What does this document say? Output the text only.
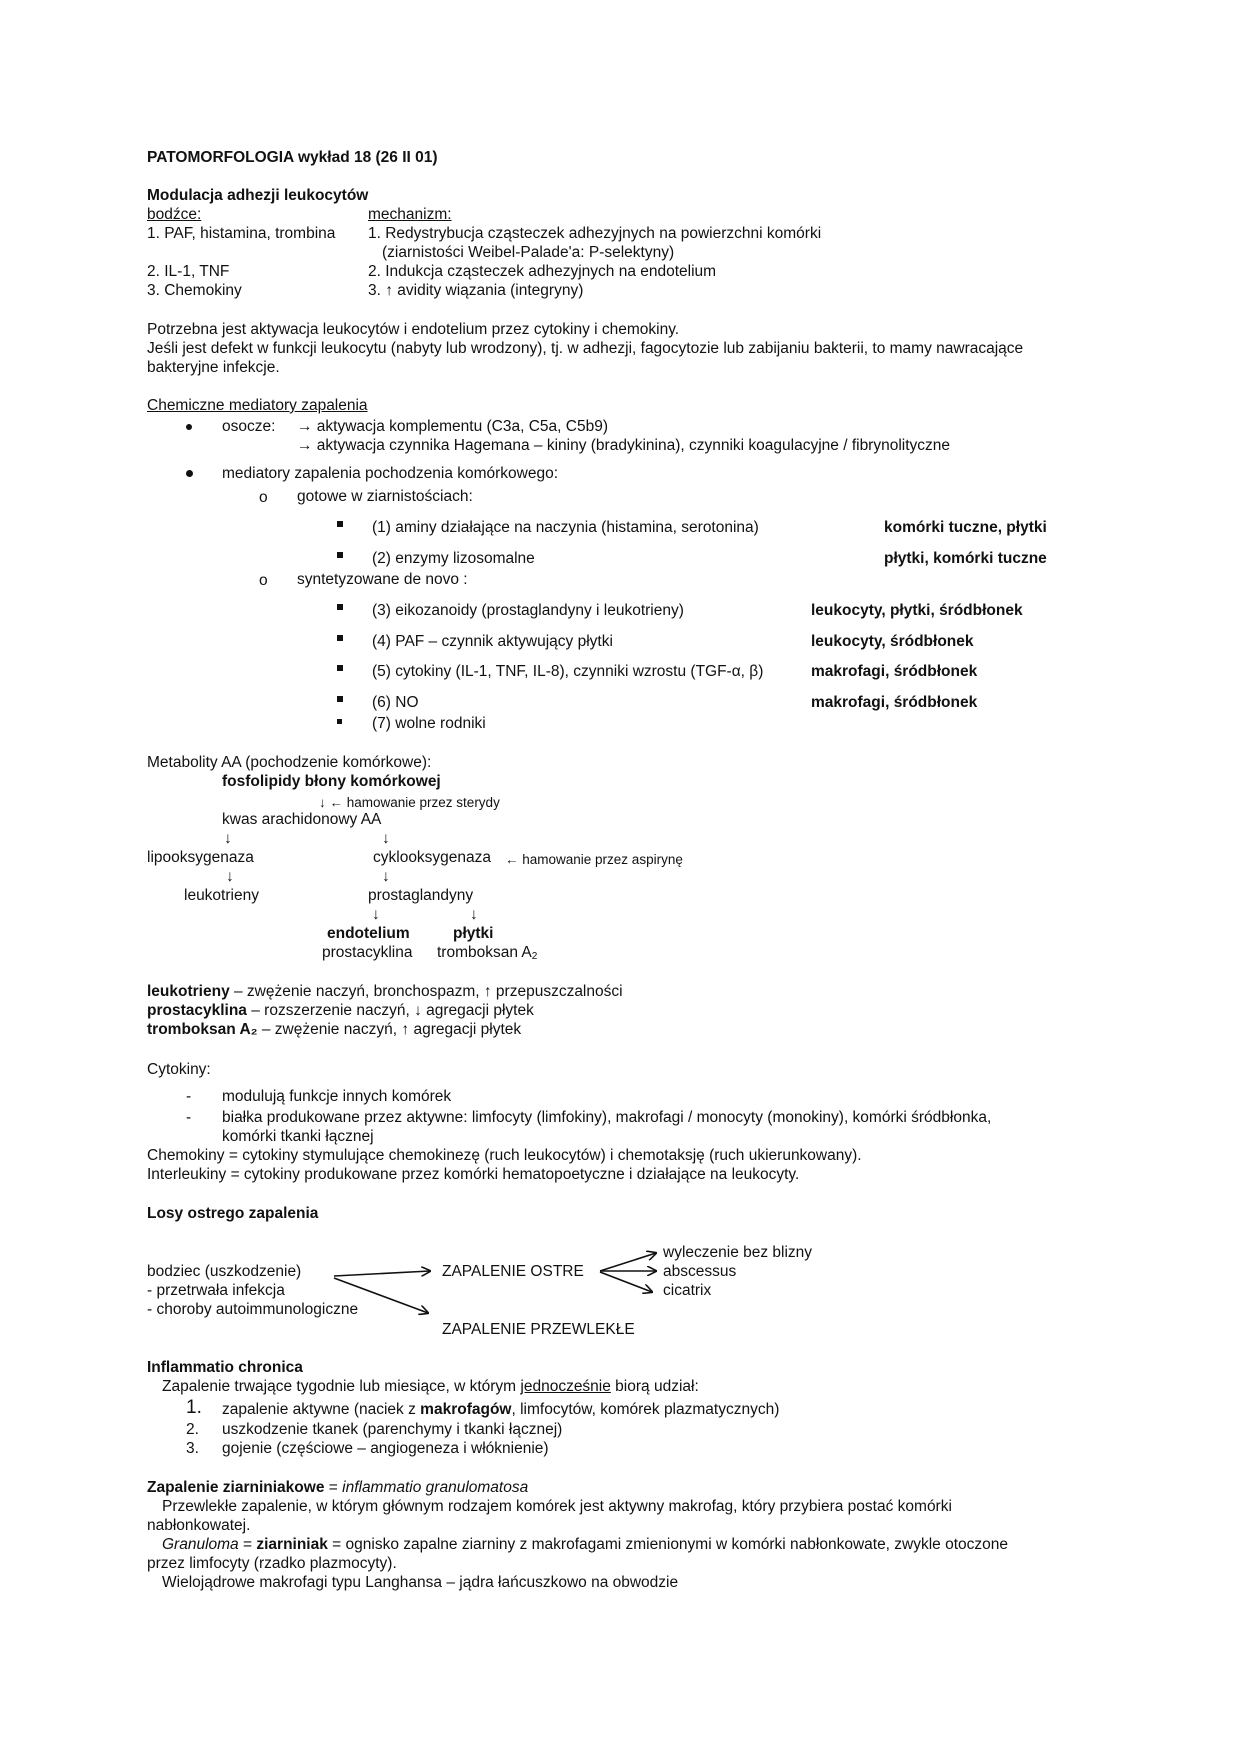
PATOMORFOLOGIA wykład 18 (26 II 01)
Modulacja adhezji leukocytów
bodźce:	mechanizm:
1. PAF, histamina, trombina 1. Redystrybucja cząsteczek adhezyjnych na powierzchni komórki
(ziarnistości Weibel-Palade'a: P-selektyny)
2. IL-1, TNF	2. Indukcja cząsteczek adhezyjnych na endotelium
3. Chemokiny	3. ↑ avidity wiązania (integryny)
Potrzebna jest aktywacja leukocytów i endotelium przez cytokiny i chemokiny.
Jeśli jest defekt w funkcji leukocytu (nabyty lub wrodzony), tj. w adhezji, fagocytozie lub zabijaniu bakterii, to mamy nawracające
bakteryjne infekcje.
Chemiczne mediatory zapalenia
osocze: → aktywacja komplementu (C3a, C5a, C5b9)
→ aktywacja czynnika Hagemana – kininy (bradykinina), czynniki koagulacyjne / fibrynolityczne
mediatory zapalenia pochodzenia komórkowego:
o gotowe w ziarnistościach:
(1) aminy działające na naczynia (histamina, serotonina)	komórki tuczne, płytki
(2) enzymy lizosomalne	płytki, komórki tuczne
o syntetyzowane de novo :
(3) eikozanoidy (prostaglandyny i leukotrieny)	leukocyty, płytki, śródbłonek
(4) PAF – czynnik aktywujący płytki	leukocyty, śródbłonek
(5) cytokiny (IL-1, TNF, IL-8), czynniki wzrostu (TGF-α, β)	makrofagi, śródbłonek
(6) NO	makrofagi, śródbłonek
(7) wolne rodniki
Metabolity AA (pochodzenie komórkowe):
fosfolipidy błony komórkowej
↓ ← hamowanie przez sterydy
kwas arachidonowy AA
↓	↓
lipooksygenaza	cyklooksygenaza ← hamowanie przez aspirynę
↓	↓
leukotrieny	prostaglandyny
↓	↓
endotelium	płytki
prostacyklina tromboksan $A_2$
leukotrieny – zwężenie naczyń, bronchospazm, ↑ przepuszczalności
prostacyklina – rozszerzenie naczyń, ↓ agregacji płytek
tromboksan A₂ – zwężenie naczyń, ↑ agregacji płytek
Cytokiny:
- modulują funkcje innych komórek
- białka produkowane przez aktywne: limfocyty (limfokiny), makrofagi / monocyty (monokiny), komórki śródbłonka,
komórki tkanki łącznej
Chemokiny = cytokiny stymulujące chemokinezę (ruch leukocytów) i chemotaksję (ruch ukierunkowany).
Interleukiny = cytokiny produkowane przez komórki hematopoetyczne i działające na leukocyty.
Losy ostrego zapalenia
bodziec (uszkodzenie)
- przetrwała infekcja
- choroby autoimmunologiczne
ZAPALENIE OSTRE
ZAPALENIE PRZEWLEKŁE
wyleczenie bez blizny
abscessus
cicatrix
Inflammatio chronica
Zapalenie trwające tygodnie lub miesiące, w którym jednocześnie biorą udział:
1. zapalenie aktywne (naciek z makrofagów, limfocytów, komórek plazmatycznych)
2. uszkodzenie tkanek (parenchymy i tkanki łącznej)
3. gojenie (częściowe – angiogeneza i włóknienie)
Zapalenie ziarniniakowe = inflammatio granulomatosa
Przewlekłe zapalenie, w którym głównym rodzajem komórek jest aktywny makrofag, który przybiera postać komórki
nabłonkowatej.
Granuloma = ziarniniak = ognisko zapalne ziarniny z makrofagami zmienionymi w komórki nabłonkowate, zwykle otoczone
przez limfocyty (rzadko plazmocyty).
Wielojądrowe makrofagi typu Langhansa – jądra łańcuszkowo na obwodzie
